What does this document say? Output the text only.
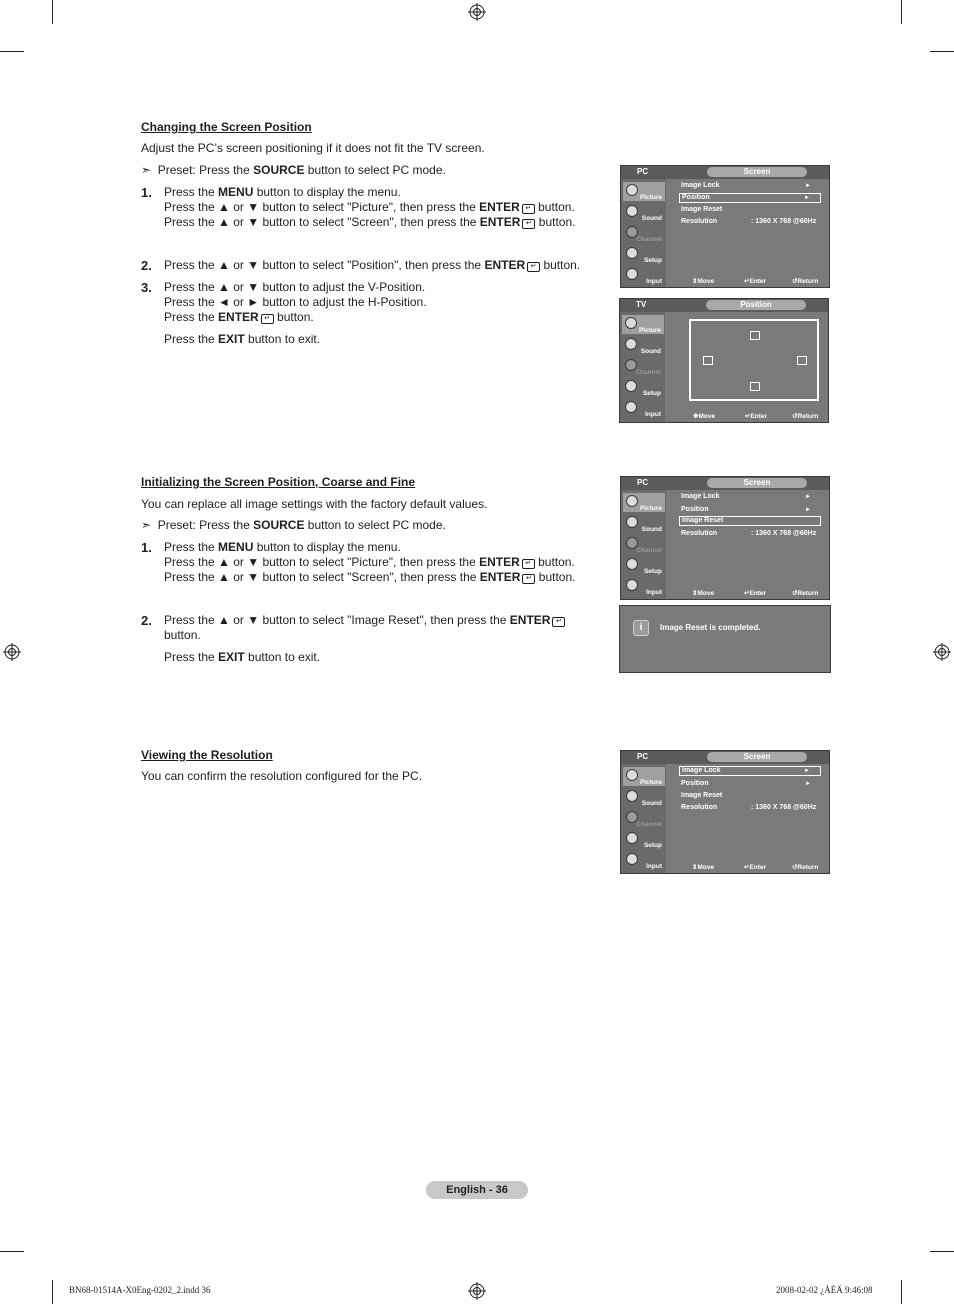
Changing the Screen Position
Adjust the PC’s screen positioning if it does not fit the TV screen.
➣ Preset: Press the SOURCE button to select PC mode.
1. Press the MENU button to display the menu.
Press the ▲ or ▼ button to select "Picture", then press the ENTER ↵ button.
Press the ▲ or ▼ button to select "Screen", then press the ENTER ↵ button.
2. Press the ▲ or ▼ button to select "Position", then press the ENTER ↵ button.
3. Press the ▲ or ▼ button to adjust the V-Position.
Press the ◄ or ► button to adjust the H-Position.
Press the ENTER ↵ button.
Press the EXIT button to exit.
PC	Screen
Picture
Sound
Channel
Setup
Input
Image Lock	►
Position	►
Image Reset
Resolution	: 1360 X 768 @60Hz
⇕ Move	↵ Enter	↺ Return
TV	Position
Picture
Sound
Channel
Setup
Input	✥ Move	↵ Enter	↺ Return
Initializing the Screen Position, Coarse and Fine
You can replace all image settings with the factory default values.
➣ Preset: Press the SOURCE button to select PC mode.
1. Press the MENU button to display the menu.
Press the ▲ or ▼ button to select "Picture", then press the ENTER ↵ button.
Press the ▲ or ▼ button to select "Screen", then press the ENTER ↵ button.
2. Press the ▲ or ▼ button to select "Image Reset", then press the ENTER ↵
button.
Press the EXIT button to exit.
PC	Screen
Picture
Sound
Channel
Setup
Input
Image Lock	►
Position	►
Image Reset
Resolution	: 1360 X 768 @60Hz
⇕ Move	↵ Enter	↺ Return
i	Image Reset is completed.
Viewing the Resolution
You can confirm the resolution configured for the PC.
PC	Screen
Picture
Sound
Channel
Setup
Input
Image Lock	►
Position	►
Image Reset
Resolution	: 1360 X 768 @60Hz
⇕ Move	↵ Enter	↺ Return
English - 36
BN68-01514A-X0Eng-0202_2.indd 36	2008-02-02 ¿ÀÈÄ 9:46:08
